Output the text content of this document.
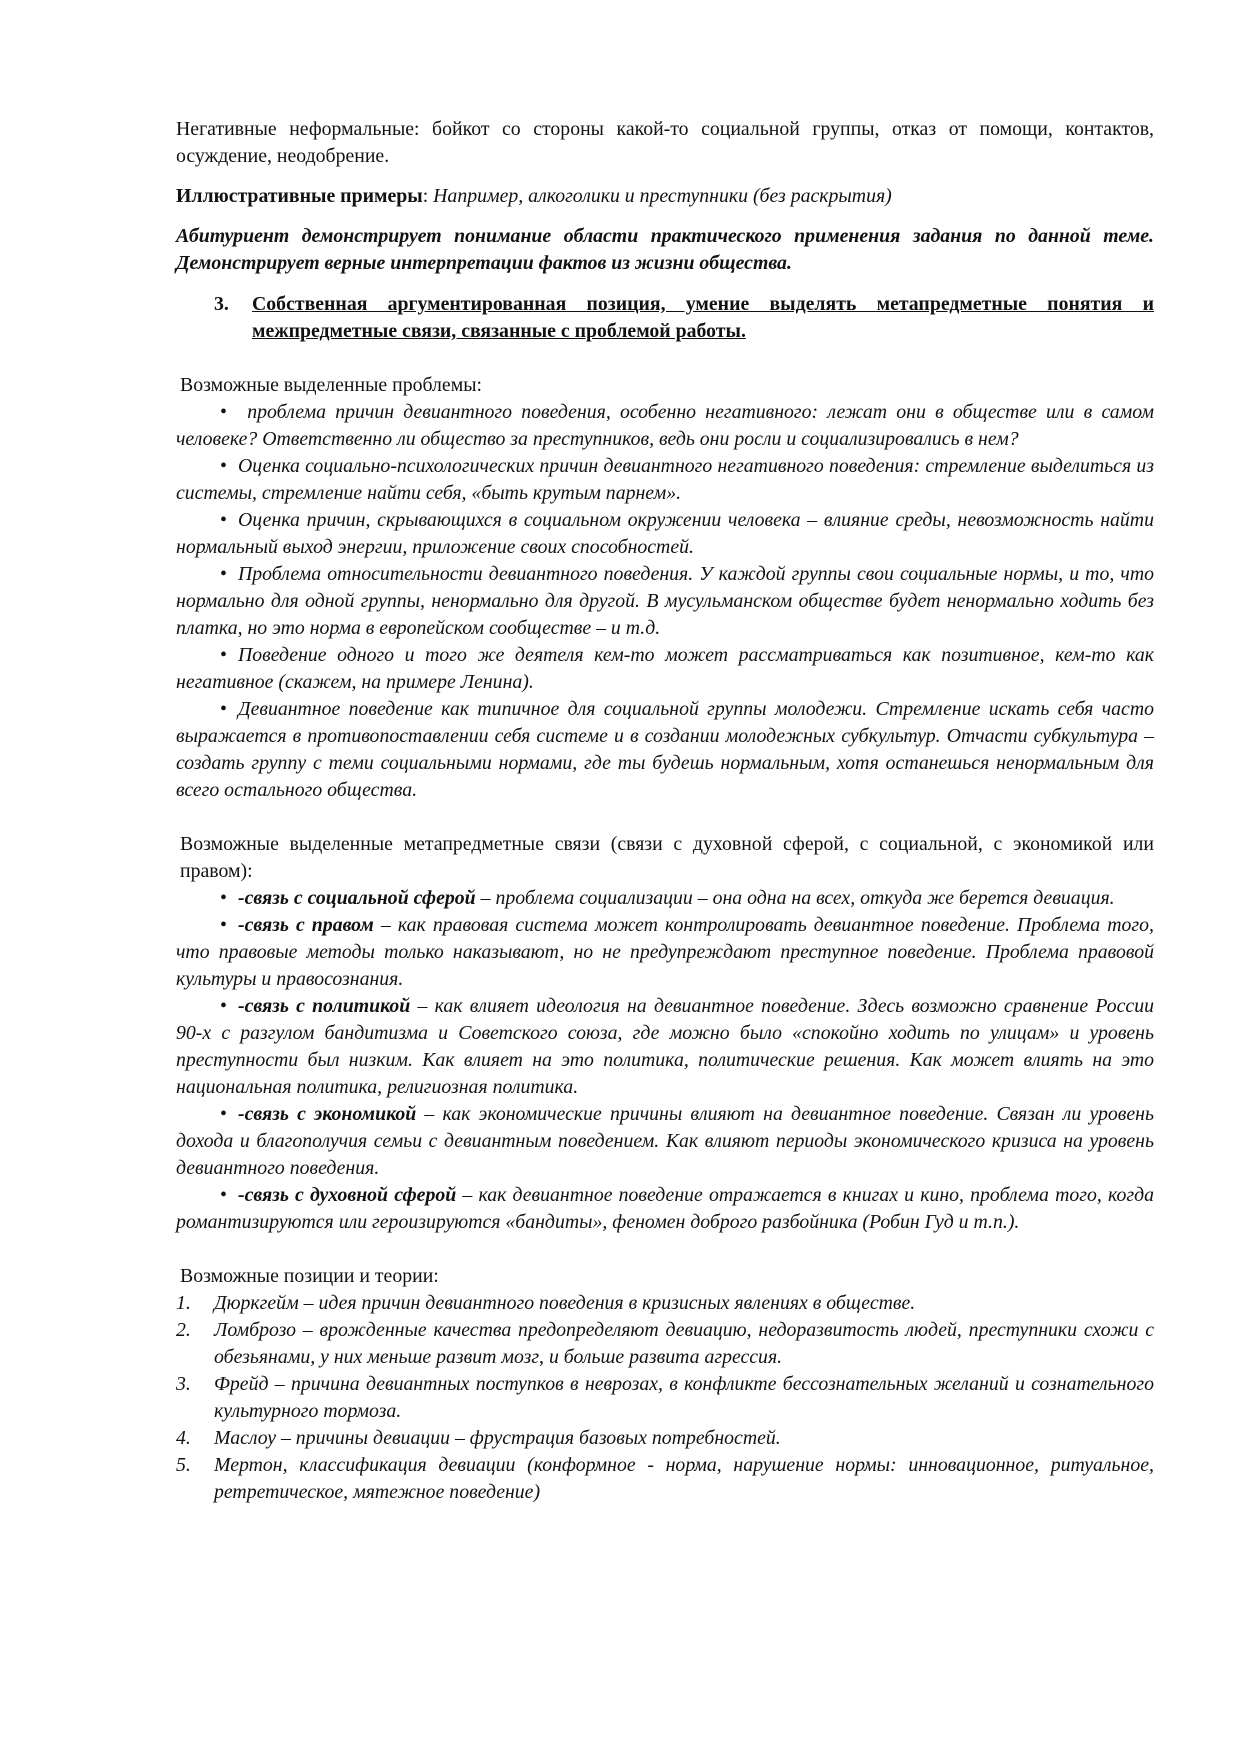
Негативные неформальные: бойкот со стороны какой-то социальной группы, отказ от помощи, контактов, осуждение, неодобрение.

Иллюстративные примеры: Например, алкоголики и преступники (без раскрытия)

Абитуриент демонстрирует понимание области практического применения задания по данной теме. Демонстрирует верные интерпретации фактов из жизни общества.

3.	Собственная аргументированная позиция, умение выделять метапредметные понятия и межпредметные связи, связанные с проблемой работы.

Возможные выделенные проблемы:

• проблема причин девиантного поведения, особенно негативного: лежат они в обществе или в самом человеке? Ответственно ли общество за преступников, ведь они росли и социализировались в нем?

• Оценка социально-психологических причин девиантного негативного поведения: стремление выделиться из системы, стремление найти себя, «быть крутым парнем».

• Оценка причин, скрывающихся в социальном окружении человека – влияние среды, невозможность найти нормальный выход энергии, приложение своих способностей.

• Проблема относительности девиантного поведения. У каждой группы свои социальные нормы, и то, что нормально для одной группы, ненормально для другой. В мусульманском обществе будет ненормально ходить без платка, но это норма в европейском сообществе – и т.д.

• Поведение одного и того же деятеля кем-то может рассматриваться как позитивное, кем-то как негативное (скажем, на примере Ленина).

• Девиантное поведение как типичное для социальной группы молодежи. Стремление искать себя часто выражается в противопоставлении себя системе и в создании молодежных субкультур. Отчасти субкультура – создать группу с теми социальными нормами, где ты будешь нормальным, хотя останешься ненормальным для всего остального общества.

Возможные выделенные метапредметные связи (связи с духовной сферой, с социальной, с экономикой или правом):

• -связь с социальной сферой – проблема социализации – она одна на всех, откуда же берется девиация.

• -связь с правом – как правовая система может контролировать девиантное поведение. Проблема того, что правовые методы только наказывают, но не предупреждают преступное поведение. Проблема правовой культуры и правосознания.

• -связь с политикой – как влияет идеология на девиантное поведение. Здесь возможно сравнение России 90-х с разгулом бандитизма и Советского союза, где можно было «спокойно ходить по улицам» и уровень преступности был низким. Как влияет на это политика, политические решения. Как может влиять на это национальная политика, религиозная политика.

• -связь с экономикой – как экономические причины влияют на девиантное поведение. Связан ли уровень дохода и благополучия семьи с девиантным поведением. Как влияют периоды экономического кризиса на уровень девиантного поведения.

• -связь с духовной сферой – как девиантное поведение отражается в книгах и кино, проблема того, когда романтизируются или героизируются «бандиты», феномен доброго разбойника (Робин Гуд и т.п.).

Возможные позиции и теории:

1.	Дюркгейм – идея причин девиантного поведения в кризисных явлениях в обществе.
2.	Ломброзо – врожденные качества предопределяют девиацию, недоразвитость людей, преступники схожи с обезьянами, у них меньше развит мозг, и больше развита агрессия.
3.	Фрейд – причина девиантных поступков в неврозах, в конфликте бессознательных желаний и сознательного культурного тормоза.
4.	Маслоу – причины девиации – фрустрация базовых потребностей.
5.	Мертон, классификация девиации (конформное - норма, нарушение нормы: инновационное, ритуальное, ретретическое, мятежное поведение)
